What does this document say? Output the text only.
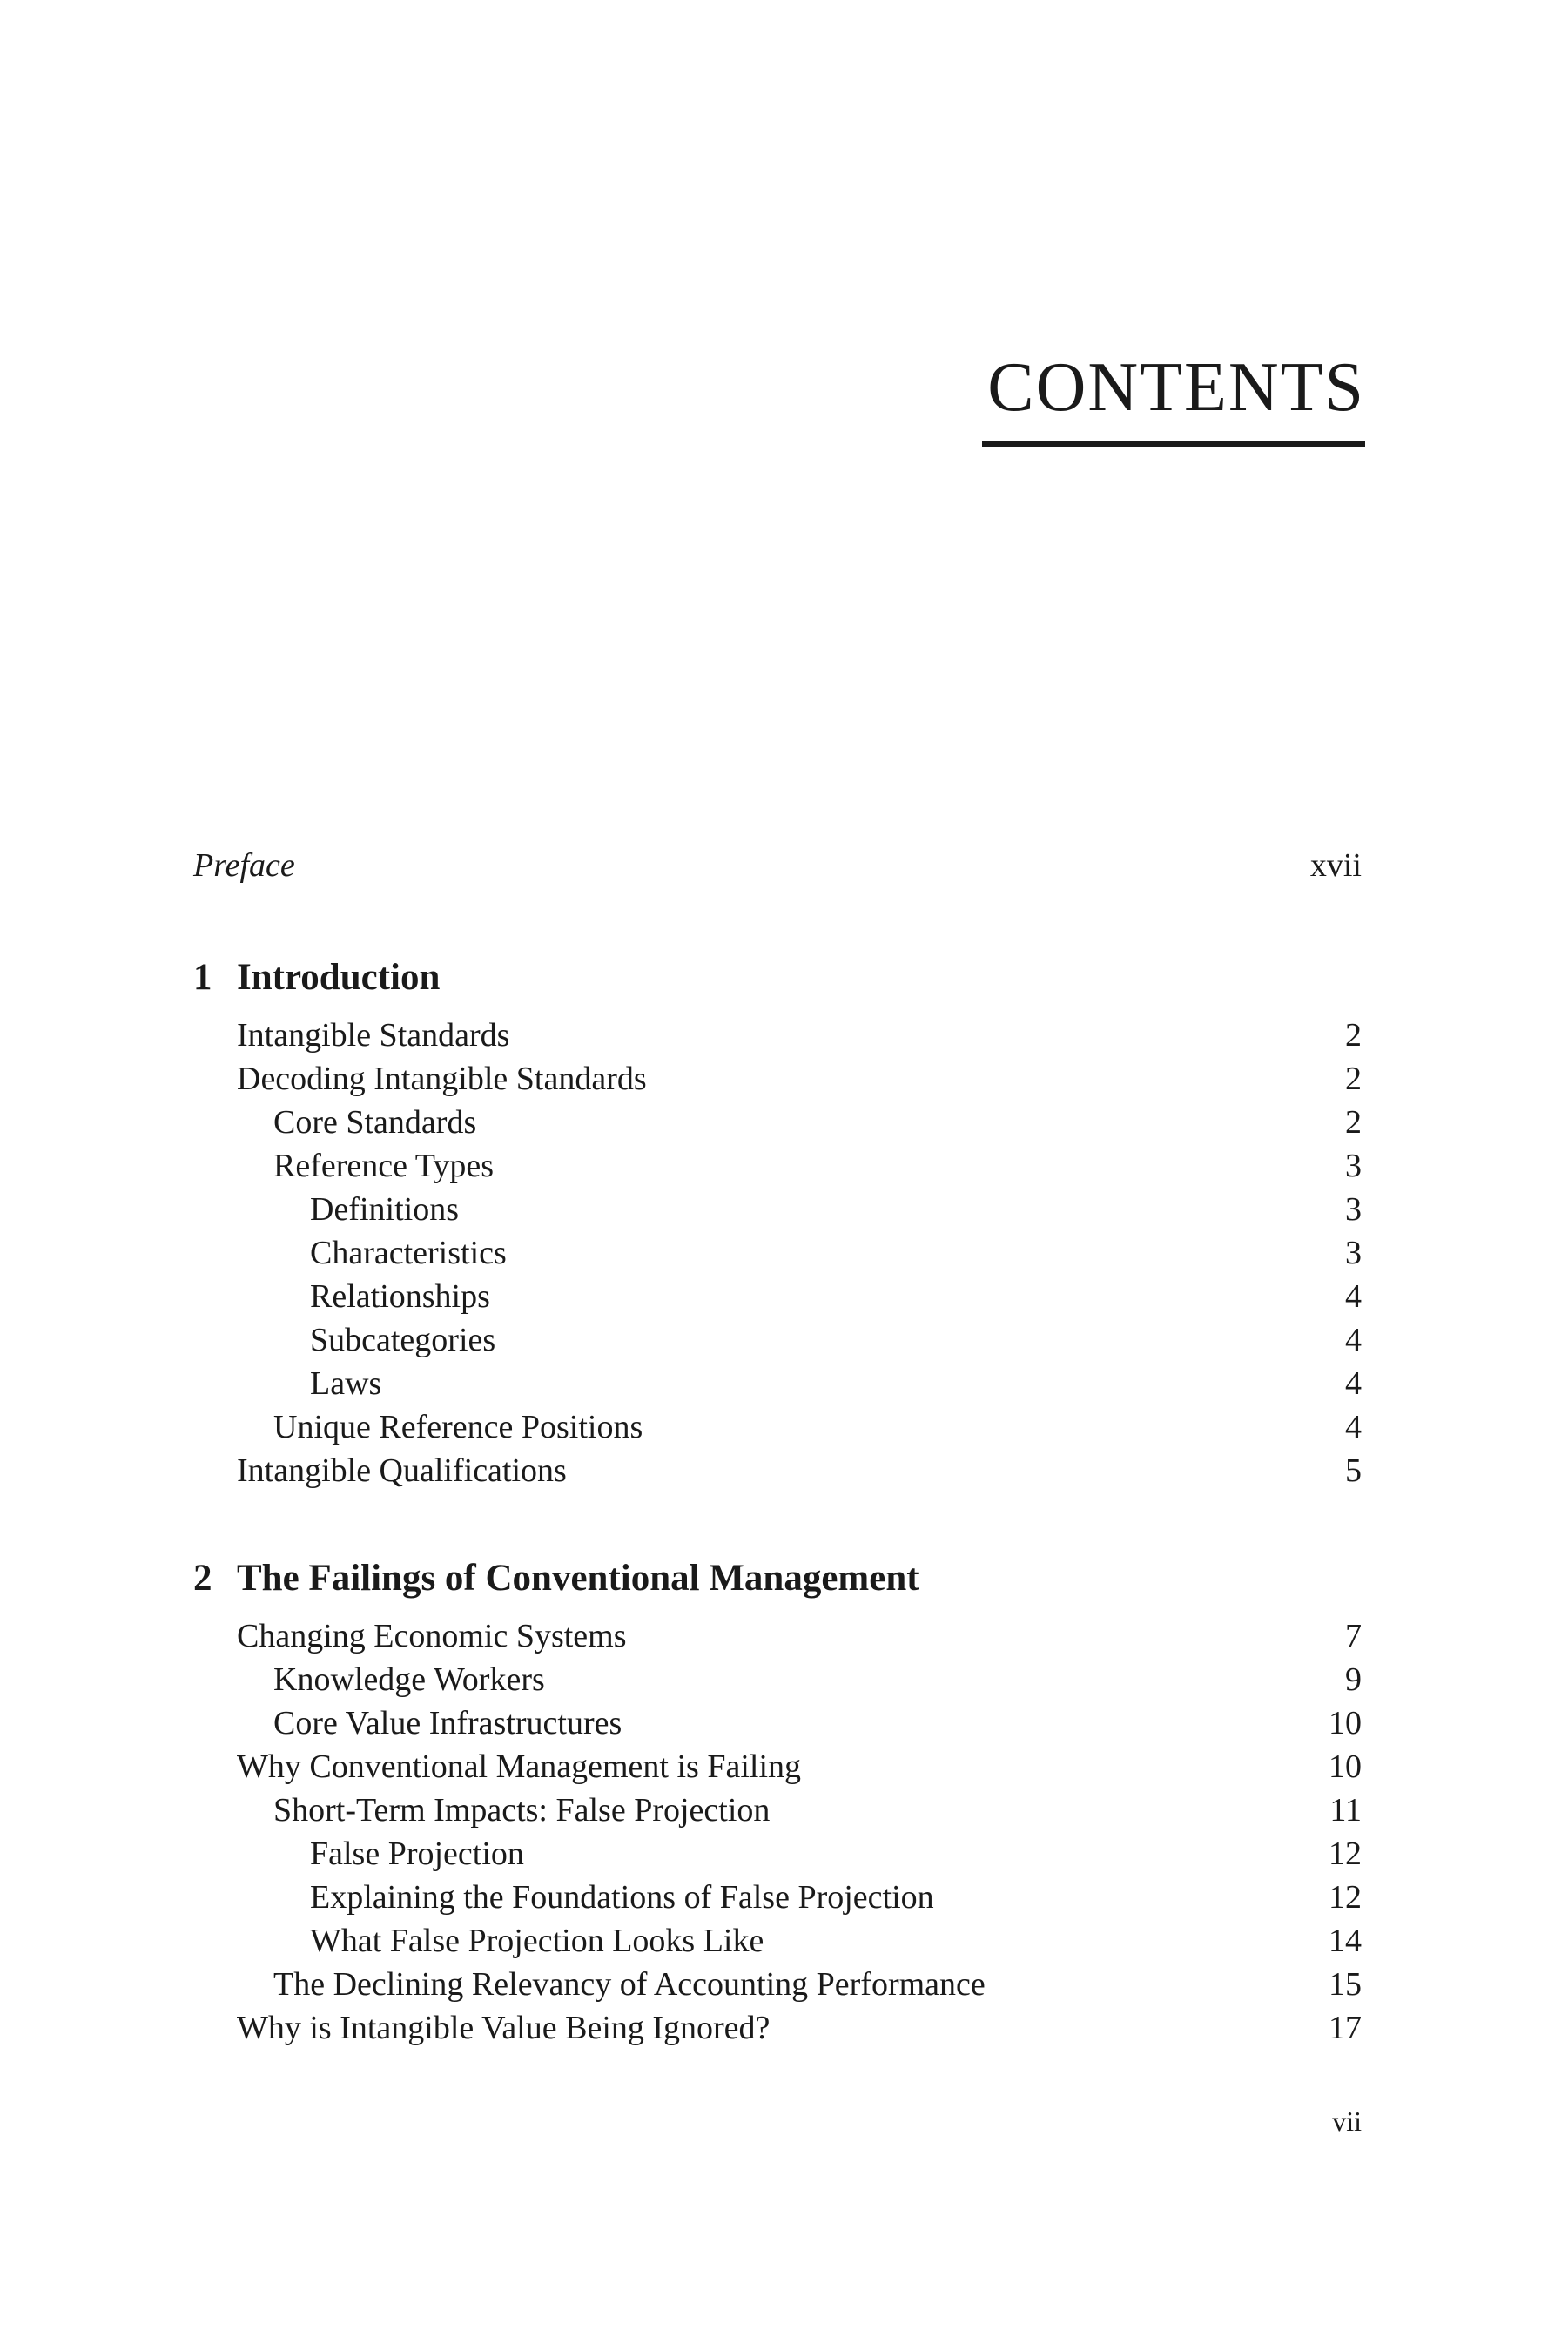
CONTENTS
Preface	xvii
1 Introduction
Intangible Standards	2
Decoding Intangible Standards	2
Core Standards	2
Reference Types	3
Definitions	3
Characteristics	3
Relationships	4
Subcategories	4
Laws	4
Unique Reference Positions	4
Intangible Qualifications	5
2 The Failings of Conventional Management
Changing Economic Systems	7
Knowledge Workers	9
Core Value Infrastructures	10
Why Conventional Management is Failing	10
Short-Term Impacts: False Projection	11
False Projection	12
Explaining the Foundations of False Projection	12
What False Projection Looks Like	14
The Declining Relevancy of Accounting Performance	15
Why is Intangible Value Being Ignored?	17
vii
